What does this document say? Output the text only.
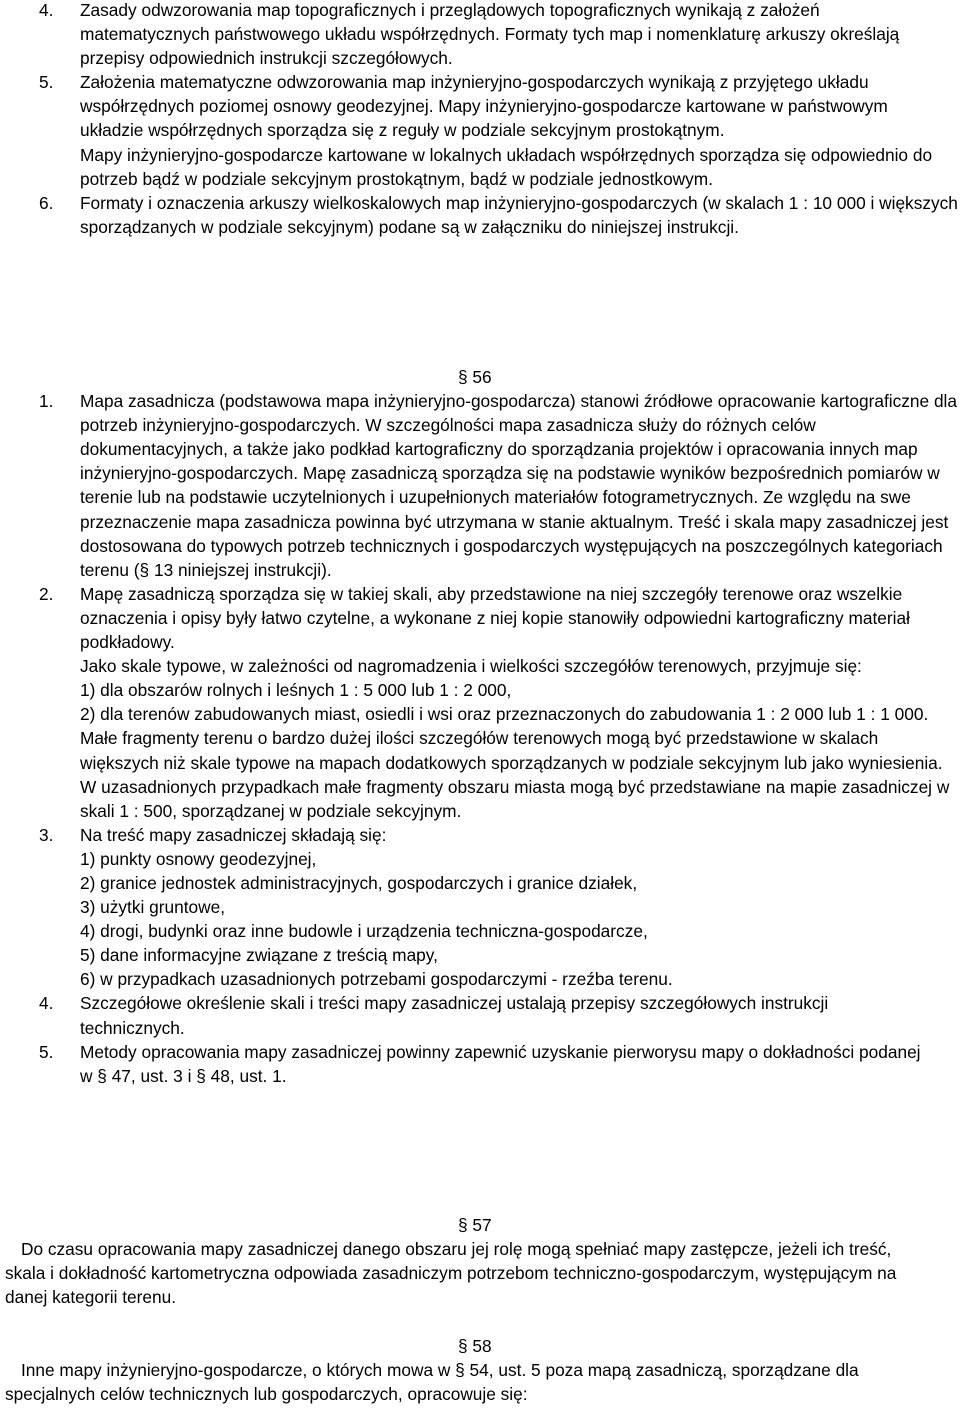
4. Zasady odwzorowania map topograficznych i przeglądowych topograficznych wynikają z założeń matematycznych państwowego układu współrzędnych. Formaty tych map i nomenklaturę arkuszy określają przepisy odpowiednich instrukcji szczegółowych.
5. Założenia matematyczne odwzorowania map inżynieryjno-gospodarczych wynikają z przyjętego układu współrzędnych poziomej osnowy geodezyjnej. Mapy inżynieryjno-gospodarcze kartowane w państwowym układzie współrzędnych sporządza się z reguły w podziale sekcyjnym prostokątnym.
Mapy inżynieryjno-gospodarcze kartowane w lokalnych układach współrzędnych sporządza się odpowiednio do potrzeb bądź w podziale sekcyjnym prostokątnym, bądź w podziale jednostkowym.
6. Formaty i oznaczenia arkuszy wielkoskalowych map inżynieryjno-gospodarczych (w skalach 1 : 10 000 i większych sporządzanych w podziale sekcyjnym) podane są w załączniku do niniejszej instrukcji.
§ 56
1. Mapa zasadnicza (podstawowa mapa inżynieryjno-gospodarcza) stanowi źródłowe opracowanie kartograficzne dla potrzeb inżynieryjno-gospodarczych. W szczególności mapa zasadnicza służy do różnych celów dokumentacyjnych, a także jako podkład kartograficzny do sporządzania projektów i opracowania innych map inżynieryjno-gospodarczych. Mapę zasadniczą sporządza się na podstawie wyników bezpośrednich pomiarów w terenie lub na podstawie uczytelnionych i uzupełnionych materiałów fotogrametrycznych. Ze względu na swe przeznaczenie mapa zasadnicza powinna być utrzymana w stanie aktualnym. Treść i skala mapy zasadniczej jest dostosowana do typowych potrzeb technicznych i gospodarczych występujących na poszczególnych kategoriach terenu (§ 13 niniejszej instrukcji).
2. Mapę zasadniczą sporządza się w takiej skali, aby przedstawione na niej szczegóły terenowe oraz wszelkie oznaczenia i opisy były łatwo czytelne, a wykonane z niej kopie stanowiły odpowiedni kartograficzny materiał podkładowy.
Jako skale typowe, w zależności od nagromadzenia i wielkości szczegółów terenowych, przyjmuje się:
1) dla obszarów rolnych i leśnych 1 : 5 000 lub 1 : 2 000,
2) dla terenów zabudowanych miast, osiedli i wsi oraz przeznaczonych do zabudowania 1 : 2 000 lub 1 : 1 000.
Małe fragmenty terenu o bardzo dużej ilości szczegółów terenowych mogą być przedstawione w skalach większych niż skale typowe na mapach dodatkowych sporządzanych w podziale sekcyjnym lub jako wyniesienia.
W uzasadnionych przypadkach małe fragmenty obszaru miasta mogą być przedstawiane na mapie zasadniczej w skali 1 : 500, sporządzanej w podziale sekcyjnym.
3. Na treść mapy zasadniczej składają się:
1) punkty osnowy geodezyjnej,
2) granice jednostek administracyjnych, gospodarczych i granice działek,
3) użytki gruntowe,
4) drogi, budynki oraz inne budowle i urządzenia techniczna-gospodarcze,
5) dane informacyjne związane z treścią mapy,
6) w przypadkach uzasadnionych potrzebami gospodarczymi - rzeźba terenu.
4. Szczegółowe określenie skali i treści mapy zasadniczej ustalają przepisy szczegółowych instrukcji technicznych.
5. Metody opracowania mapy zasadniczej powinny zapewnić uzyskanie pierworysu mapy o dokładności podanej w § 47, ust. 3 i § 48, ust. 1.
§ 57
Do czasu opracowania mapy zasadniczej danego obszaru jej rolę mogą spełniać mapy zastępcze, jeżeli ich treść, skala i dokładność kartometryczna odpowiada zasadniczym potrzebom techniczno-gospodarczym, występującym na danej kategorii terenu.
§ 58
Inne mapy inżynieryjno-gospodarcze, o których mowa w § 54, ust. 5 poza mapą zasadniczą, sporządzane dla specjalnych celów technicznych lub gospodarczych, opracowuje się:
